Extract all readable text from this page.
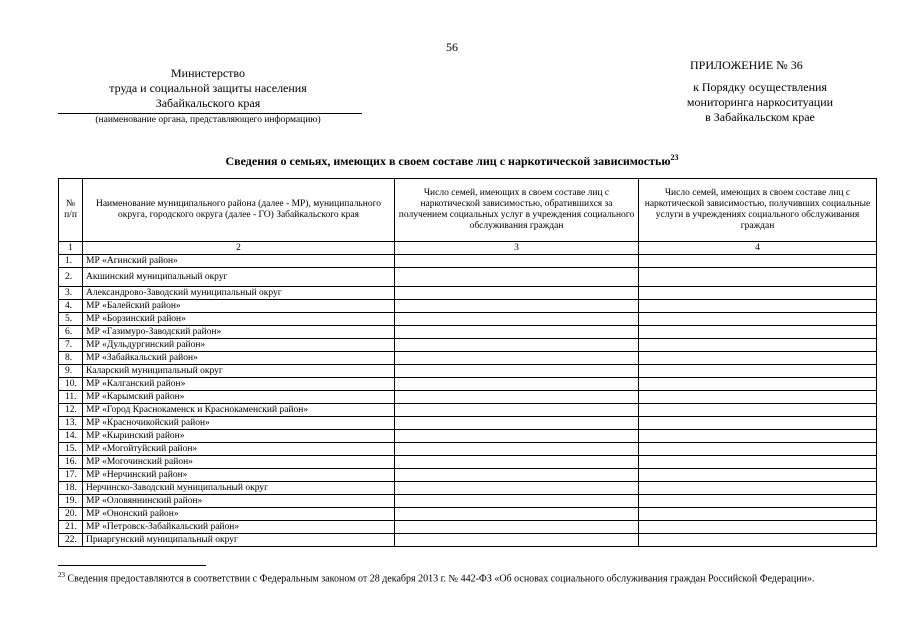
56
Министерство
труда и социальной защиты населения
Забайкальского края
(наименование органа, представляющего информацию)
ПРИЛОЖЕНИЕ № 36
к Порядку осуществления
мониторинга наркоситуации
в Забайкальском крае
Сведения о семьях, имеющих в своем составе лиц с наркотической зависимостью$^{23}$
№ п/п	Наименование муниципального района (далее - МР), муниципального округа, городского округа (далее - ГО) Забайкальского края	Число семей, имеющих в своем составе лиц с наркотической зависимостью, обратившихся за получением социальных услуг в учреждения социального обслуживания граждан	Число семей, имеющих в своем составе лиц с наркотической зависимостью, получивших социальные услуги в учреждениях социального обслуживания граждан
1	2	3	4
1.	МР «Агинский район»		
2.	Акшинский муниципальный округ		
3.	Александрово-Заводский муниципальный округ		
4.	МР «Балейский район»		
5.	МР «Борзинский район»		
6.	МР «Газимуро-Заводский район»		
7.	МР «Дульдургинский район»		
8.	МР «Забайкальский район»		
9.	Каларский муниципальный округ		
10.	МР «Калганский район»		
11.	МР «Карымский район»		
12.	МР «Город Краснокаменск и Краснокаменский район»		
13.	МР «Красночикойский район»		
14.	МР «Кыринский район»		
15.	МР «Могойтуйский район»		
16.	МР «Могочинский район»		
17.	МР «Нерчинский район»		
18.	Нерчинско-Заводский муниципальный округ		
19.	МР «Оловяннинский район»		
20.	МР «Ононский район»		
21.	МР «Петровск-Забайкальский район»		
22.	Приаргунский муниципальный округ		
$^{23}$ Сведения предоставляются в соответствии с Федеральным законом от 28 декабря 2013 г. № 442-ФЗ «Об основах социального обслуживания граждан Российской Федерации».
